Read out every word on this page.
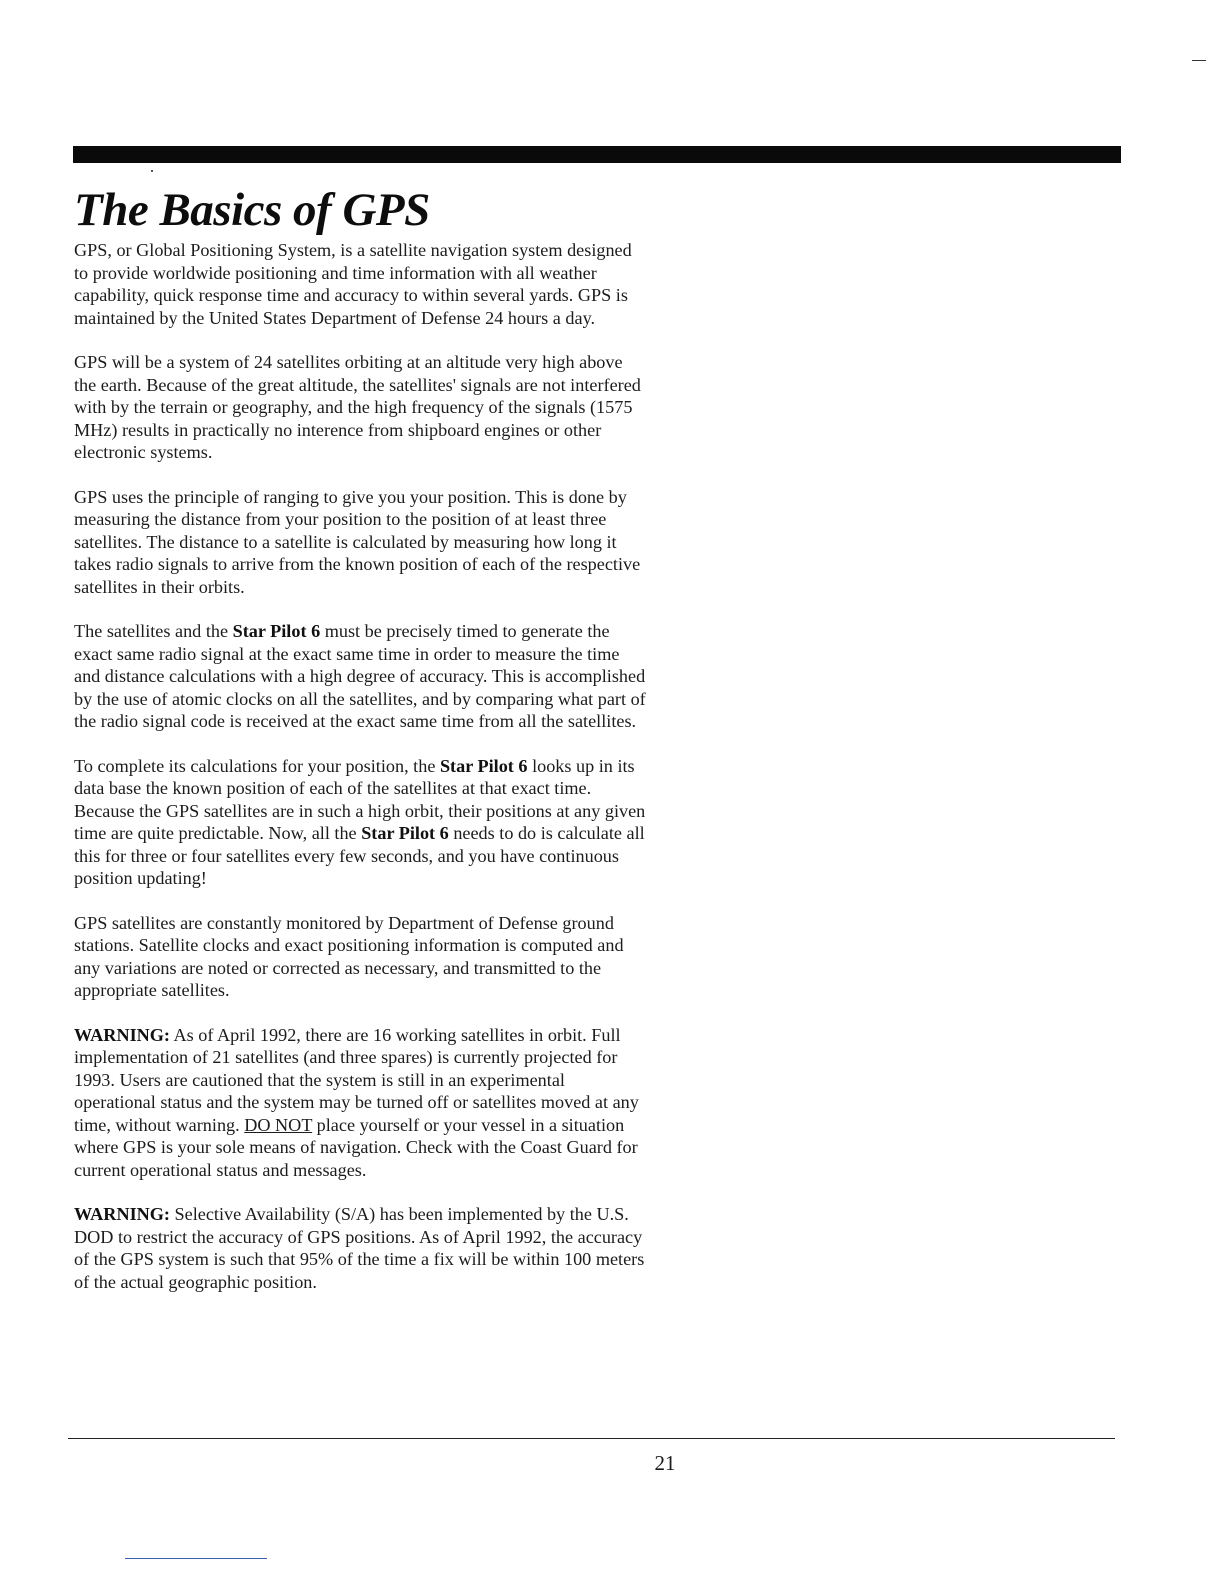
The Basics of GPS

GPS, or Global Positioning System, is a satellite navigation system designed to provide worldwide positioning and time information with all weather capability, quick response time and accuracy to within several yards. GPS is maintained by the United States Department of Defense 24 hours a day.

GPS will be a system of 24 satellites orbiting at an altitude very high above the earth. Because of the great altitude, the satellites' signals are not interfered with by the terrain or geography, and the high frequency of the signals (1575 MHz) results in practically no interence from shipboard engines or other electronic systems.

GPS uses the principle of ranging to give you your position. This is done by measuring the distance from your position to the position of at least three satellites. The distance to a satellite is calculated by measuring how long it takes radio signals to arrive from the known position of each of the respective satellites in their orbits.

The satellites and the Star Pilot 6 must be precisely timed to generate the exact same radio signal at the exact same time in order to measure the time and distance calculations with a high degree of accuracy. This is accomplished by the use of atomic clocks on all the satellites, and by comparing what part of the radio signal code is received at the exact same time from all the satellites.

To complete its calculations for your position, the Star Pilot 6 looks up in its data base the known position of each of the satellites at that exact time. Because the GPS satellites are in such a high orbit, their positions at any given time are quite predictable. Now, all the Star Pilot 6 needs to do is calculate all this for three or four satellites every few seconds, and you have continuous position updating!

GPS satellites are constantly monitored by Department of Defense ground stations. Satellite clocks and exact positioning information is computed and any variations are noted or corrected as necessary, and transmitted to the appropriate satellites.

WARNING: As of April 1992, there are 16 working satellites in orbit. Full implementation of 21 satellites (and three spares) is currently projected for 1993. Users are cautioned that the system is still in an experimental operational status and the system may be turned off or satellites moved at any time, without warning. DO NOT place yourself or your vessel in a situation where GPS is your sole means of navigation. Check with the Coast Guard for current operational status and messages.

WARNING: Selective Availability (S/A) has been implemented by the U.S. DOD to restrict the accuracy of GPS positions. As of April 1992, the accuracy of the GPS system is such that 95% of the time a fix will be within 100 meters of the actual geographic position.

21
